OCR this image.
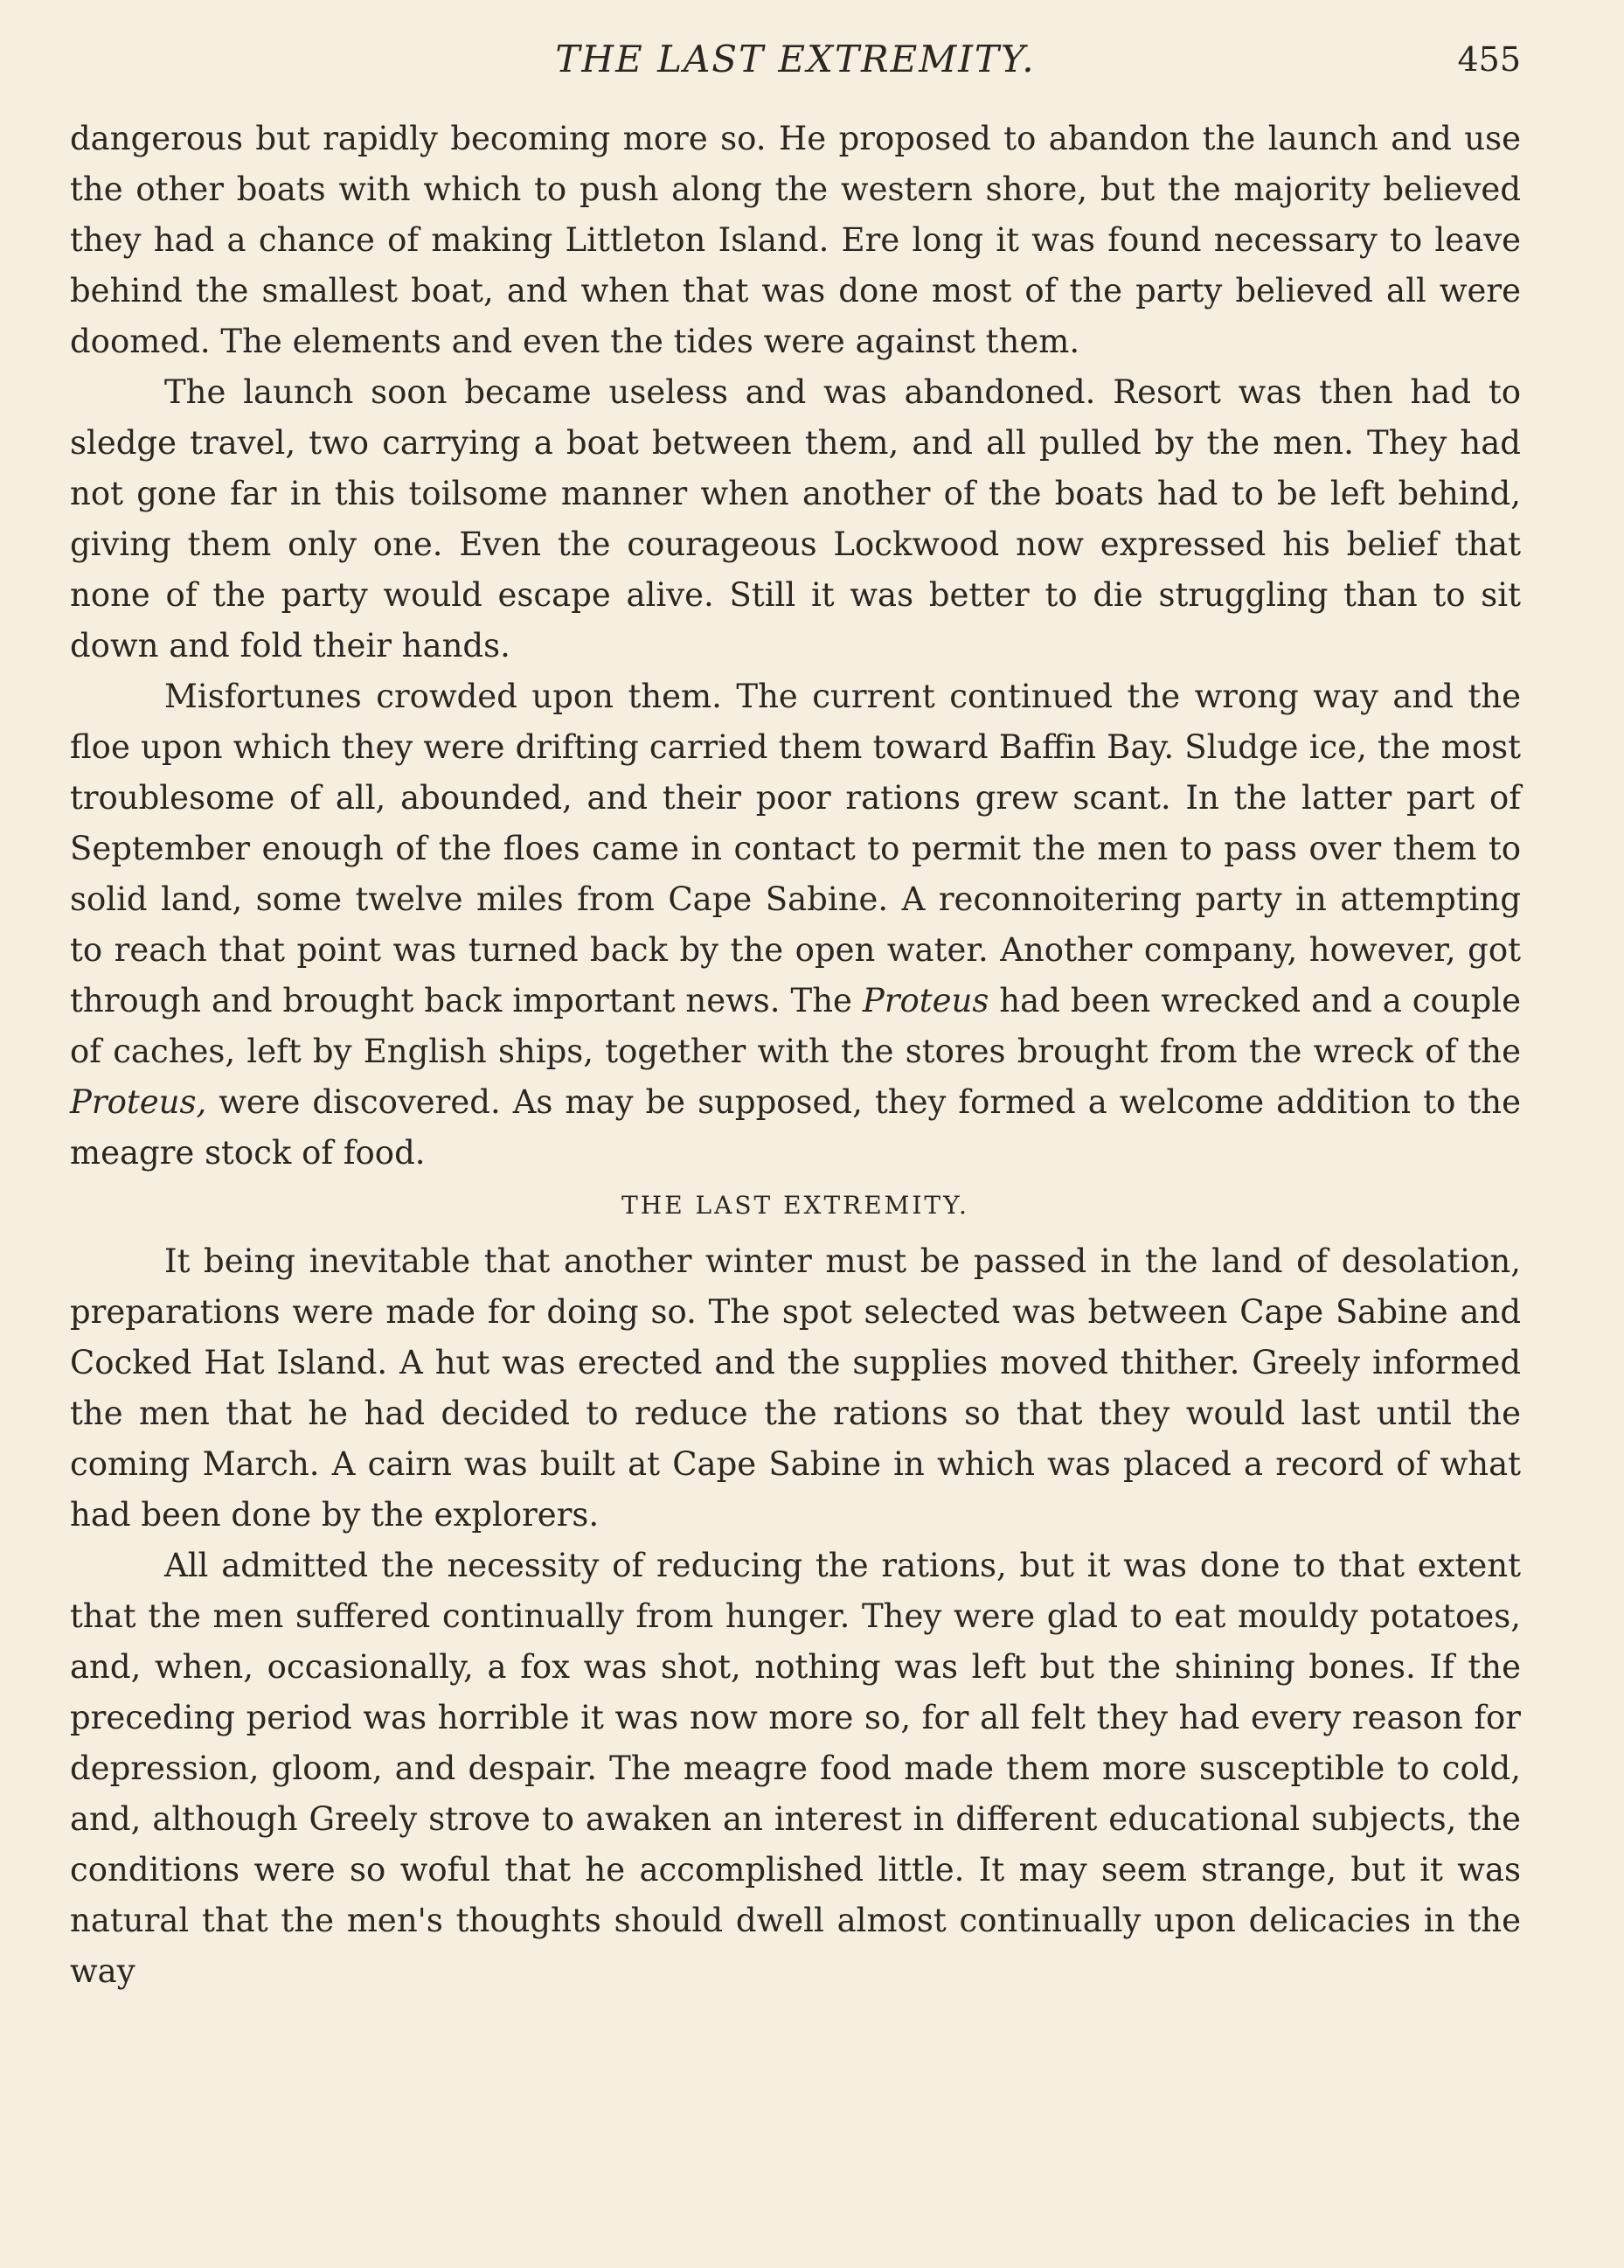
THE LAST EXTREMITY.	455

dangerous but rapidly becoming more so. He proposed to abandon the launch and use the other boats with which to push along the western shore, but the majority believed they had a chance of making Littleton Island. Ere long it was found necessary to leave behind the smallest boat, and when that was done most of the party believed all were doomed. The elements and even the tides were against them.

The launch soon became useless and was abandoned. Resort was then had to sledge travel, two carrying a boat between them, and all pulled by the men. They had not gone far in this toilsome manner when another of the boats had to be left behind, giving them only one. Even the courageous Lockwood now expressed his belief that none of the party would escape alive. Still it was better to die struggling than to sit down and fold their hands.

Misfortunes crowded upon them. The current continued the wrong way and the floe upon which they were drifting carried them toward Baffin Bay. Sludge ice, the most troublesome of all, abounded, and their poor rations grew scant. In the latter part of September enough of the floes came in contact to permit the men to pass over them to solid land, some twelve miles from Cape Sabine. A reconnoitering party in attempting to reach that point was turned back by the open water. Another company, however, got through and brought back important news. The Proteus had been wrecked and a couple of caches, left by English ships, together with the stores brought from the wreck of the Proteus, were discovered. As may be supposed, they formed a welcome addition to the meagre stock of food.

THE LAST EXTREMITY.

It being inevitable that another winter must be passed in the land of desolation, preparations were made for doing so. The spot selected was between Cape Sabine and Cocked Hat Island. A hut was erected and the supplies moved thither. Greely informed the men that he had decided to reduce the rations so that they would last until the coming March. A cairn was built at Cape Sabine in which was placed a record of what had been done by the explorers.

All admitted the necessity of reducing the rations, but it was done to that extent that the men suffered continually from hunger. They were glad to eat mouldy potatoes, and, when, occasionally, a fox was shot, nothing was left but the shining bones. If the preceding period was horrible it was now more so, for all felt they had every reason for depression, gloom, and despair. The meagre food made them more susceptible to cold, and, although Greely strove to awaken an interest in different educational subjects, the conditions were so woful that he accomplished little. It may seem strange, but it was natural that the men's thoughts should dwell almost continually upon delicacies in the way
